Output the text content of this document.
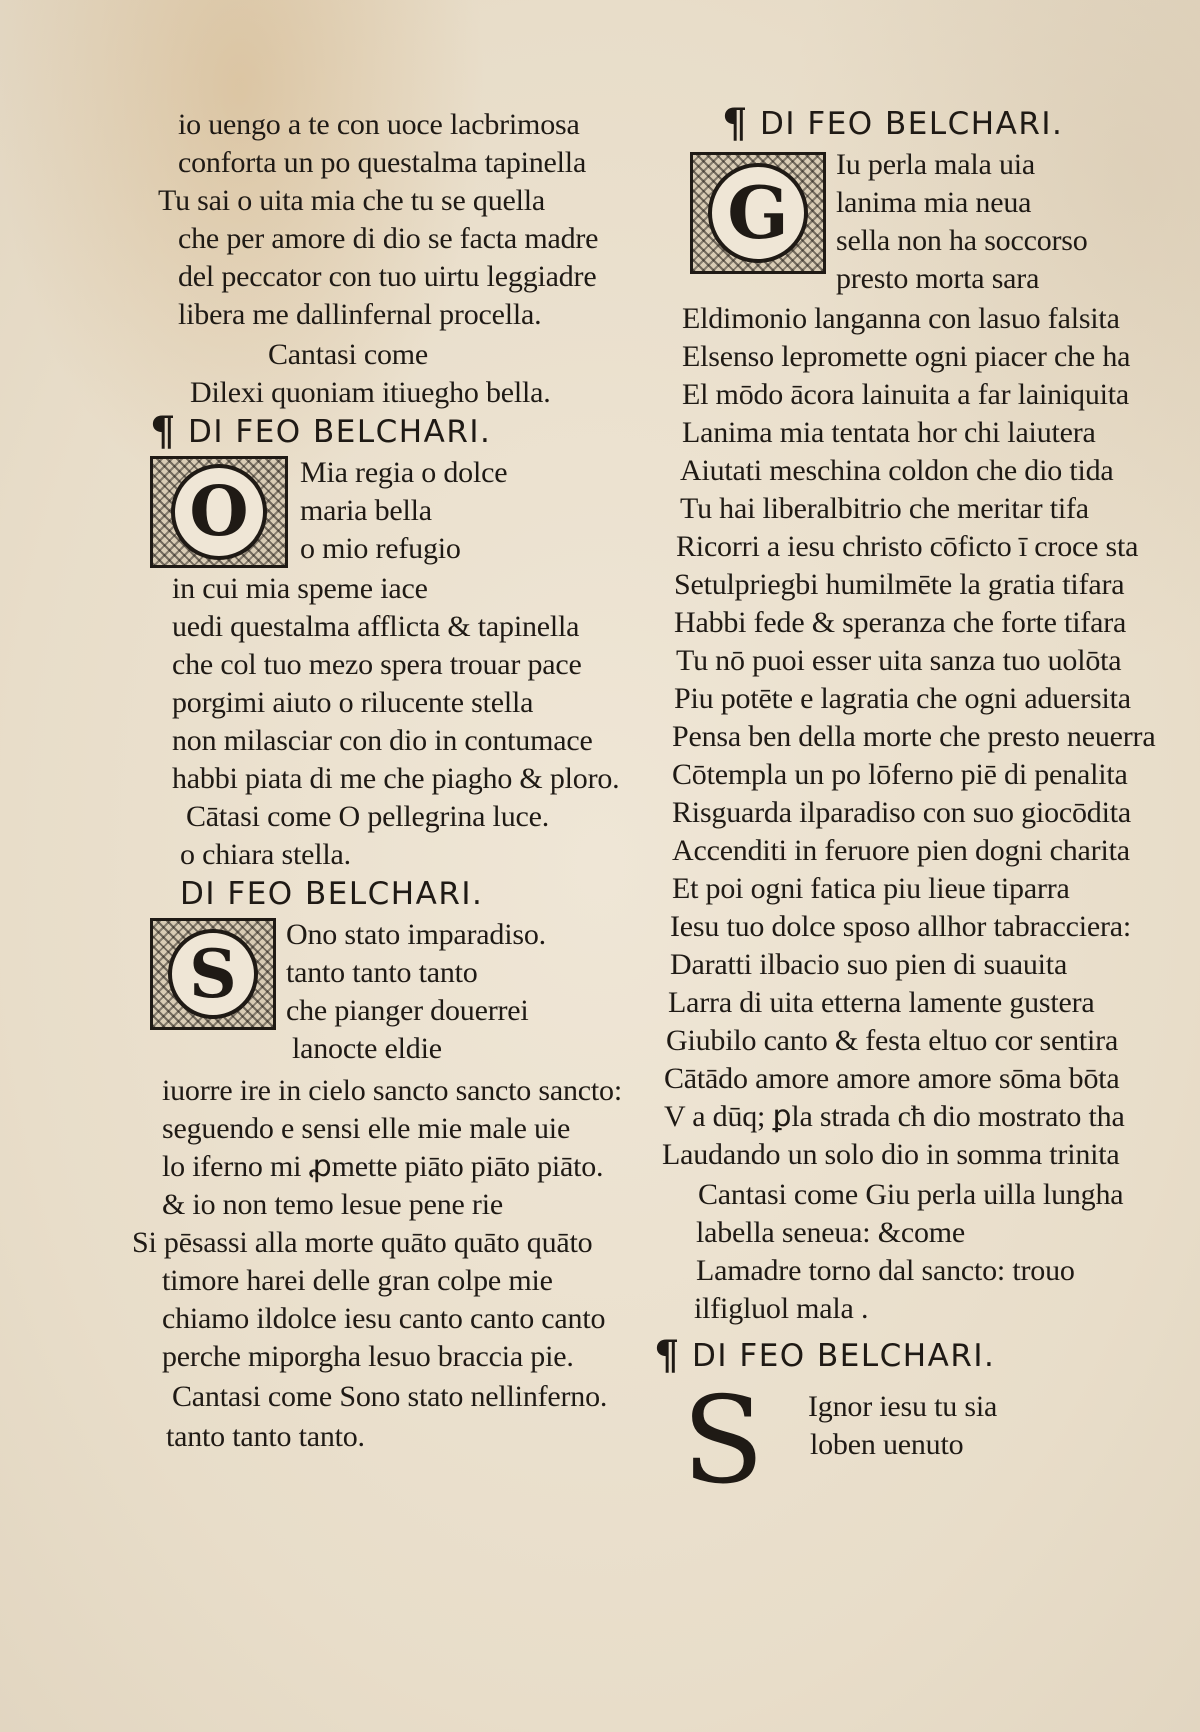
io uengo a te con uoce lacbrimosa
conforta un po questalma tapinella
Tu sai o uita mia che tu se quella
che per amore di dio se facta madre
del peccator con tuo uirtu leggiadre
libera me dallinfernal procella.
Cantasi come
Dilexi quoniam itiuegho bella.
¶ DI FEO BELCHARI.
O	Mia regia o dolce
maria bella
o mio refugio
in cui mia speme iace
uedi questalma afflicta & tapinella
che col tuo mezo spera trouar pace
porgimi aiuto o rilucente stella
non milasciar con dio in contumace
habbi piata di me che piagho & ploro.
Cātasi come O pellegrina luce.
o chiara stella.
DI FEO BELCHARI.
S
Ono stato imparadiso.
tanto tanto tanto
che pianger douerrei
lanocte eldie
iuorre ire in cielo sancto sancto sancto:
seguendo e sensi elle mie male uie
lo iferno mi ꝓmette piāto piāto piāto.
& io non temo lesue pene rie
Si pēsassi alla morte quāto quāto quāto
timore harei delle gran colpe mie
chiamo ildolce iesu canto canto canto
perche miporgha lesuo braccia pie.
Cantasi come Sono stato nellinferno.
tanto tanto tanto.
¶ DI FEO BELCHARI.
G
Iu perla mala uia
lanima mia neua
sella non ha soccorso
presto morta sara
Eldimonio langanna con lasuo falsita
Elsenso lepromette ogni piacer che ha
El mōdo ācora lainuita a far lainiquita
Lanima mia tentata hor chi laiutera
Aiutati meschina coldon che dio tida
Tu hai liberalbitrio che meritar tifa
Ricorri a iesu christo cōficto ī croce sta
Setulpriegbi humilmēte la gratia tifara
Habbi fede & speranza che forte tifara
Tu nō puoi esser uita sanza tuo uolōta
Piu potēte e lagratia che ogni aduersita
Pensa ben della morte che presto neuerra
Cōtempla un po lōferno piē di penalita
Risguarda ilparadiso con suo giocōdita
Accenditi in feruore pien dogni charita
Et poi ogni fatica piu lieue tiparra
Iesu tuo dolce sposo allhor tabracciera:
Daratti ilbacio suo pien di suauita
Larra di uita etterna lamente gustera
Giubilo canto & festa eltuo cor sentira
Cātādo amore amore amore sōma bōta
V a dūq; ꝑla strada cħ dio mostrato tha
Laudando un solo dio in somma trinita
Cantasi come Giu perla uilla lungha
labella seneua: &come
Lamadre torno dal sancto: trouo
ilfigluol mala .
¶ DI FEO BELCHARI.
S Ignor iesu tu sia
loben uenuto
